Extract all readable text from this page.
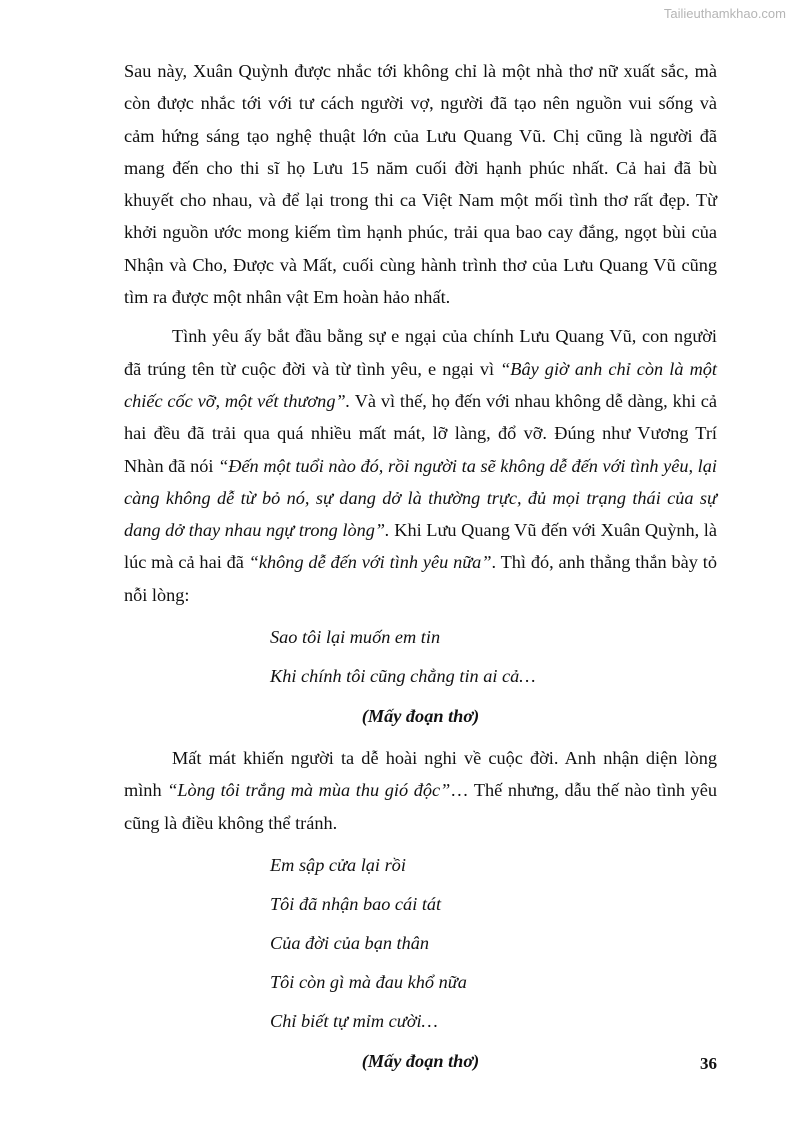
Tailieuthamkhao.com

Sau này, Xuân Quỳnh được nhắc tới không chỉ là một nhà thơ nữ xuất sắc, mà còn được nhắc tới với tư cách người vợ, người đã tạo nên nguồn vui sống và cảm hứng sáng tạo nghệ thuật lớn của Lưu Quang Vũ. Chị cũng là người đã mang đến cho thi sĩ họ Lưu 15 năm cuối đời hạnh phúc nhất. Cả hai đã bù khuyết cho nhau, và để lại trong thi ca Việt Nam một mối tình thơ rất đẹp. Từ khởi nguồn ước mong kiếm tìm hạnh phúc, trải qua bao cay đắng, ngọt bùi của Nhận và Cho, Được và Mất, cuối cùng hành trình thơ của Lưu Quang Vũ cũng tìm ra được một nhân vật Em hoàn hảo nhất.

Tình yêu ấy bắt đầu bằng sự e ngại của chính Lưu Quang Vũ, con người đã trúng tên từ cuộc đời và từ tình yêu, e ngại vì “Bây giờ anh chỉ còn là một chiếc cốc vỡ, một vết thương”. Và vì thế, họ đến với nhau không dễ dàng, khi cả hai đều đã trải qua quá nhiều mất mát, lỡ làng, đổ vỡ. Đúng như Vương Trí Nhàn đã nói “Đến một tuổi nào đó, rồi người ta sẽ không dễ đến với tình yêu, lại càng không dễ từ bỏ nó, sự dang dở là thường trực, đủ mọi trạng thái của sự dang dở thay nhau ngự trong lòng”. Khi Lưu Quang Vũ đến với Xuân Quỳnh, là lúc mà cả hai đã “không dễ đến với tình yêu nữa”. Thì đó, anh thẳng thắn bày tỏ nỗi lòng:

Sao tôi lại muốn em tin
Khi chính tôi cũng chẳng tin ai cả…
(Mấy đoạn thơ)

Mất mát khiến người ta dễ hoài nghi về cuộc đời. Anh nhận diện lòng mình “Lòng tôi trắng mà mùa thu gió độc”… Thế nhưng, dẫu thế nào tình yêu cũng là điều không thể tránh.

Em sập cửa lại rồi
Tôi đã nhận bao cái tát
Của đời của bạn thân
Tôi còn gì mà đau khổ nữa
Chỉ biết tự mỉm cười…
(Mấy đoạn thơ)	36
